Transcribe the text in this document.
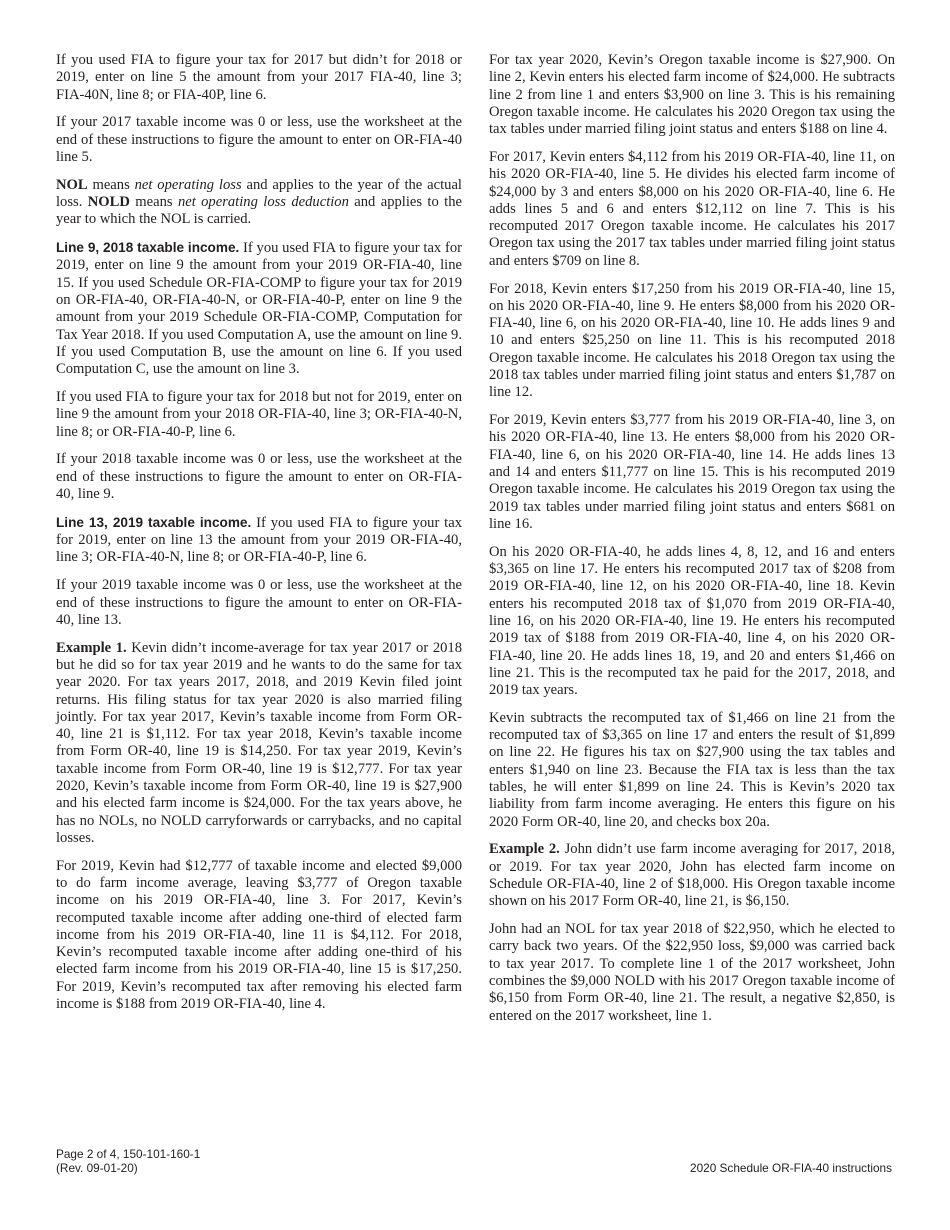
If you used FIA to figure your tax for 2017 but didn’t for 2018 or 2019, enter on line 5 the amount from your 2017 FIA-40, line 3; FIA-40N, line 8; or FIA-40P, line 6.

If your 2017 taxable income was 0 or less, use the worksheet at the end of these instructions to figure the amount to enter on OR-FIA-40 line 5.

NOL means net operating loss and applies to the year of the actual loss. NOLD means net operating loss deduction and applies to the year to which the NOL is carried.

Line 9, 2018 taxable income. If you used FIA to figure your tax for 2019, enter on line 9 the amount from your 2019 OR-FIA-40, line 15. If you used Schedule OR-FIA-COMP to figure your tax for 2019 on OR-FIA-40, OR-FIA-40-N, or OR-FIA-40-P, enter on line 9 the amount from your 2019 Schedule OR-FIA-COMP, Computation for Tax Year 2018. If you used Computation A, use the amount on line 9. If you used Computation B, use the amount on line 6. If you used Computation C, use the amount on line 3.

If you used FIA to figure your tax for 2018 but not for 2019, enter on line 9 the amount from your 2018 OR-FIA-40, line 3; OR-FIA-40-N, line 8; or OR-FIA-40-P, line 6.

If your 2018 taxable income was 0 or less, use the worksheet at the end of these instructions to figure the amount to enter on OR-FIA-40, line 9.

Line 13, 2019 taxable income. If you used FIA to figure your tax for 2019, enter on line 13 the amount from your 2019 OR-FIA-40, line 3; OR-FIA-40-N, line 8; or OR-FIA-40-P, line 6.

If your 2019 taxable income was 0 or less, use the worksheet at the end of these instructions to figure the amount to enter on OR-FIA-40, line 13.

Example 1. Kevin didn’t income-average for tax year 2017 or 2018 but he did so for tax year 2019 and he wants to do the same for tax year 2020. For tax years 2017, 2018, and 2019 Kevin filed joint returns. His filing status for tax year 2020 is also married filing jointly. For tax year 2017, Kevin’s taxable income from Form OR-40, line 21 is $1,112. For tax year 2018, Kevin’s taxable income from Form OR-40, line 19 is $14,250. For tax year 2019, Kevin’s taxable income from Form OR-40, line 19 is $12,777. For tax year 2020, Kevin’s taxable income from Form OR-40, line 19 is $27,900 and his elected farm income is $24,000. For the tax years above, he has no NOLs, no NOLD carryforwards or carrybacks, and no capital losses.

For 2019, Kevin had $12,777 of taxable income and elected $9,000 to do farm income average, leaving $3,777 of Oregon taxable income on his 2019 OR-FIA-40, line 3. For 2017, Kevin’s recomputed taxable income after adding one-third of elected farm income from his 2019 OR-FIA-40, line 11 is $4,112. For 2018, Kevin’s recomputed taxable income after adding one-third of his elected farm income from his 2019 OR-FIA-40, line 15 is $17,250. For 2019, Kevin’s recomputed tax after removing his elected farm income is $188 from 2019 OR-FIA-40, line 4.

For tax year 2020, Kevin’s Oregon taxable income is $27,900. On line 2, Kevin enters his elected farm income of $24,000. He subtracts line 2 from line 1 and enters $3,900 on line 3. This is his remaining Oregon taxable income. He calculates his 2020 Oregon tax using the tax tables under married filing joint status and enters $188 on line 4.

For 2017, Kevin enters $4,112 from his 2019 OR-FIA-40, line 11, on his 2020 OR-FIA-40, line 5. He divides his elected farm income of $24,000 by 3 and enters $8,000 on his 2020 OR-FIA-40, line 6. He adds lines 5 and 6 and enters $12,112 on line 7. This is his recomputed 2017 Oregon taxable income. He calculates his 2017 Oregon tax using the 2017 tax tables under married filing joint status and enters $709 on line 8.

For 2018, Kevin enters $17,250 from his 2019 OR-FIA-40, line 15, on his 2020 OR-FIA-40, line 9. He enters $8,000 from his 2020 OR-FIA-40, line 6, on his 2020 OR-FIA-40, line 10. He adds lines 9 and 10 and enters $25,250 on line 11. This is his recomputed 2018 Oregon taxable income. He calculates his 2018 Oregon tax using the 2018 tax tables under married filing joint status and enters $1,787 on line 12.

For 2019, Kevin enters $3,777 from his 2019 OR-FIA-40, line 3, on his 2020 OR-FIA-40, line 13. He enters $8,000 from his 2020 OR-FIA-40, line 6, on his 2020 OR-FIA-40, line 14. He adds lines 13 and 14 and enters $11,777 on line 15. This is his recomputed 2019 Oregon taxable income. He calculates his 2019 Oregon tax using the 2019 tax tables under married filing joint status and enters $681 on line 16.

On his 2020 OR-FIA-40, he adds lines 4, 8, 12, and 16 and enters $3,365 on line 17. He enters his recomputed 2017 tax of $208 from 2019 OR-FIA-40, line 12, on his 2020 OR-FIA-40, line 18. Kevin enters his recomputed 2018 tax of $1,070 from 2019 OR-FIA-40, line 16, on his 2020 OR-FIA-40, line 19. He enters his recomputed 2019 tax of $188 from 2019 OR-FIA-40, line 4, on his 2020 OR-FIA-40, line 20. He adds lines 18, 19, and 20 and enters $1,466 on line 21. This is the recomputed tax he paid for the 2017, 2018, and 2019 tax years.

Kevin subtracts the recomputed tax of $1,466 on line 21 from the recomputed tax of $3,365 on line 17 and enters the result of $1,899 on line 22. He figures his tax on $27,900 using the tax tables and enters $1,940 on line 23. Because the FIA tax is less than the tax tables, he will enter $1,899 on line 24. This is Kevin’s 2020 tax liability from farm income averaging. He enters this figure on his 2020 Form OR-40, line 20, and checks box 20a.

Example 2. John didn’t use farm income averaging for 2017, 2018, or 2019. For tax year 2020, John has elected farm income on Schedule OR-FIA-40, line 2 of $18,000. His Oregon taxable income shown on his 2017 Form OR-40, line 21, is $6,150.

John had an NOL for tax year 2018 of $22,950, which he elected to carry back two years. Of the $22,950 loss, $9,000 was carried back to tax year 2017. To complete line 1 of the 2017 worksheet, John combines the $9,000 NOLD with his 2017 Oregon taxable income of $6,150 from Form OR-40, line 21. The result, a negative $2,850, is entered on the 2017 worksheet, line 1.

Page 2 of 4, 150-101-160-1
(Rev. 09-01-20)	2020 Schedule OR-FIA-40 instructions
